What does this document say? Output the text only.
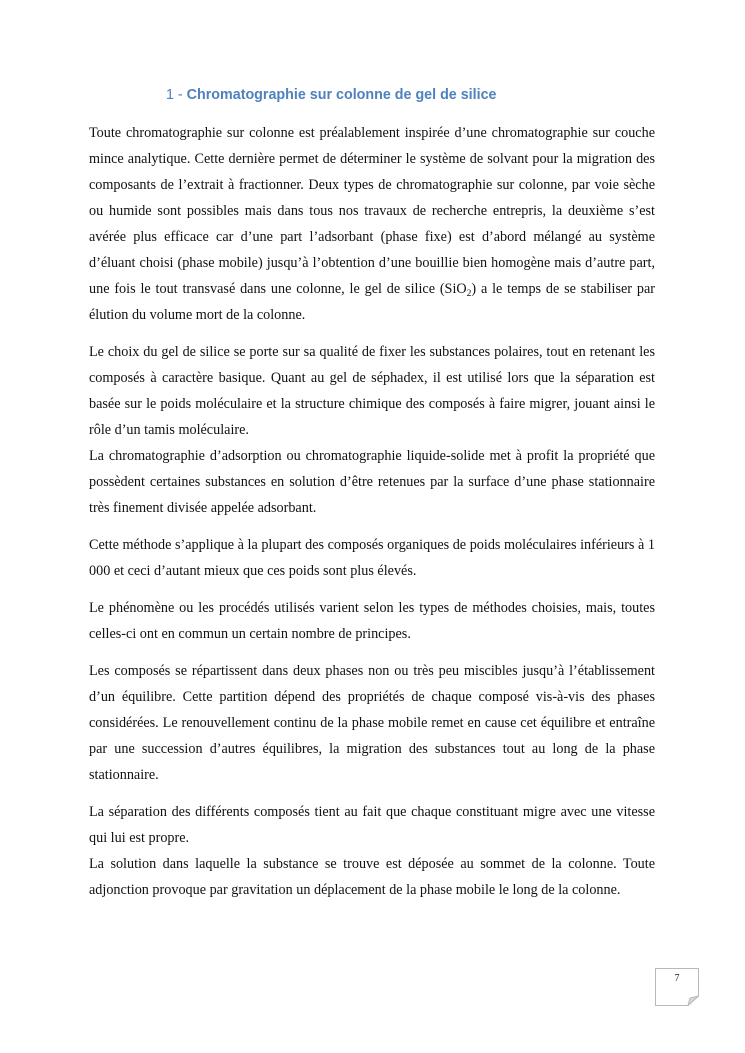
1 - Chromatographie sur colonne de gel de silice

Toute chromatographie sur colonne est préalablement inspirée d’une chromatographie sur couche mince analytique. Cette dernière permet de déterminer le système de solvant pour la migration des composants de l’extrait à fractionner. Deux types de chromatographie sur colonne, par voie sèche ou humide sont possibles mais dans tous nos travaux de recherche entrepris, la deuxième s’est avérée plus efficace car d’une part l’adsorbant (phase fixe) est d’abord mélangé au système d’éluant choisi (phase mobile) jusqu’à l’obtention d’une bouillie bien homogène mais d’autre part, une fois le tout transvasé dans une colonne, le gel de silice (SiO$_2$) a le temps de se stabiliser par élution du volume mort de la colonne.

Le choix du gel de silice se porte sur sa qualité de fixer les substances polaires, tout en retenant les composés à caractère basique. Quant au gel de séphadex, il est utilisé lors que la séparation est basée sur le poids moléculaire et la structure chimique des composés à faire migrer, jouant ainsi le rôle d’un tamis moléculaire.

La chromatographie d’adsorption ou chromatographie liquide-solide met à profit la propriété que possèdent certaines substances en solution d’être retenues par la surface d’une phase stationnaire très finement divisée appelée adsorbant.

Cette méthode s’applique à la plupart des composés organiques de poids moléculaires inférieurs à 1 000 et ceci d’autant mieux que ces poids sont plus élevés.

Le phénomène ou les procédés utilisés varient selon les types de méthodes choisies, mais, toutes celles-ci ont en commun un certain nombre de principes.

Les composés se répartissent dans deux phases non ou très peu miscibles jusqu’à l’établissement d’un équilibre. Cette partition dépend des propriétés de chaque composé vis-à-vis des phases considérées. Le renouvellement continu de la phase mobile remet en cause cet équilibre et entraîne par une succession d’autres équilibres, la migration des substances tout au long de la phase stationnaire.

La séparation des différents composés tient au fait que chaque constituant migre avec une vitesse qui lui est propre.

La solution dans laquelle la substance se trouve est déposée au sommet de la colonne. Toute adjonction provoque par gravitation un déplacement de la phase mobile le long de la colonne.

7
